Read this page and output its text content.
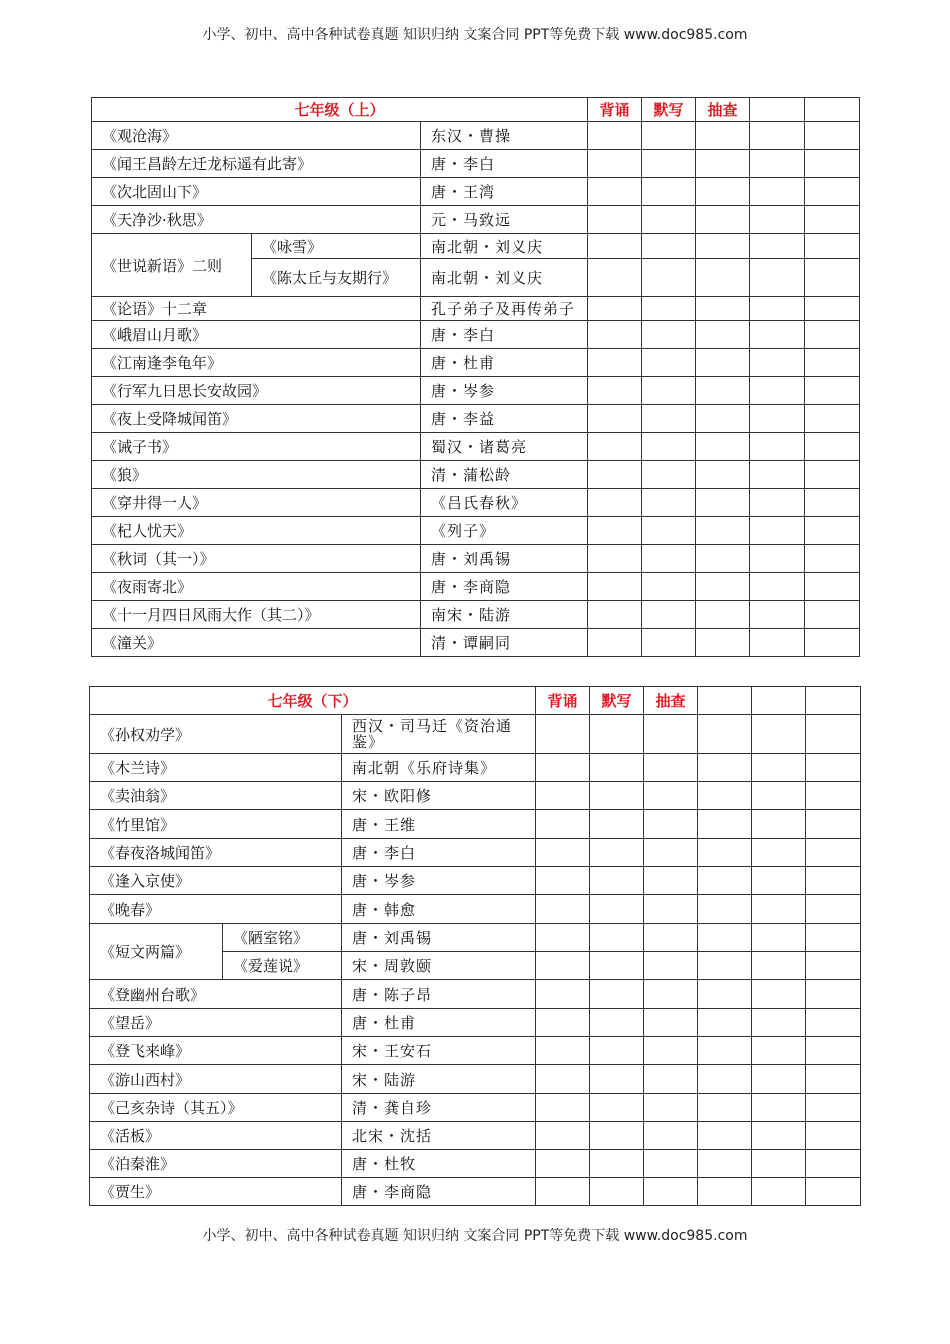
小学、初中、高中各种试卷真题 知识归纳 文案合同 PPT等免费下载 www.doc985.com
七年级（上）			背诵	默写	抽查		
《观沧海》		东汉・曹操					
《闻王昌龄左迁龙标遥有此寄》		唐・李白					
《次北固山下》		唐・王湾					
《天净沙·秋思》		元・马致远					
《世说新语》二则	《咏雪》	南北朝・刘义庆					
	《陈太丘与友期行》	南北朝・刘义庆					
《论语》十二章		孔子弟子及再传弟子					
《峨眉山月歌》		唐・李白					
《江南逢李龟年》		唐・杜甫					
《行军九日思长安故园》		唐・岑参					
《夜上受降城闻笛》		唐・李益					
《诫子书》		蜀汉・诸葛亮					
《狼》		清・蒲松龄					
《穿井得一人》		《吕氏春秋》					
《杞人忧天》		《列子》					
《秋词（其一）》		唐・刘禹锡					
《夜雨寄北》		唐・李商隐					
《十一月四日风雨大作（其二）》		南宋・陆游					
《潼关》		清・谭嗣同					
七年级（下）			背诵	默写	抽查			
《孙权劝学》		西汉・司马迁《资治通鉴》						
《木兰诗》		南北朝《乐府诗集》						
《卖油翁》		宋・欧阳修						
《竹里馆》		唐・王维						
《春夜洛城闻笛》		唐・李白						
《逢入京使》		唐・岑参						
《晚春》		唐・韩愈						
《短文两篇》	《陋室铭》	唐・刘禹锡						
	《爱莲说》	宋・周敦颐						
《登幽州台歌》		唐・陈子昂						
《望岳》		唐・杜甫						
《登飞来峰》		宋・王安石						
《游山西村》		宋・陆游						
《己亥杂诗（其五）》		清・龚自珍						
《活板》		北宋・沈括						
《泊秦淮》		唐・杜牧						
《贾生》		唐・李商隐						
小学、初中、高中各种试卷真题 知识归纳 文案合同 PPT等免费下载 www.doc985.com
